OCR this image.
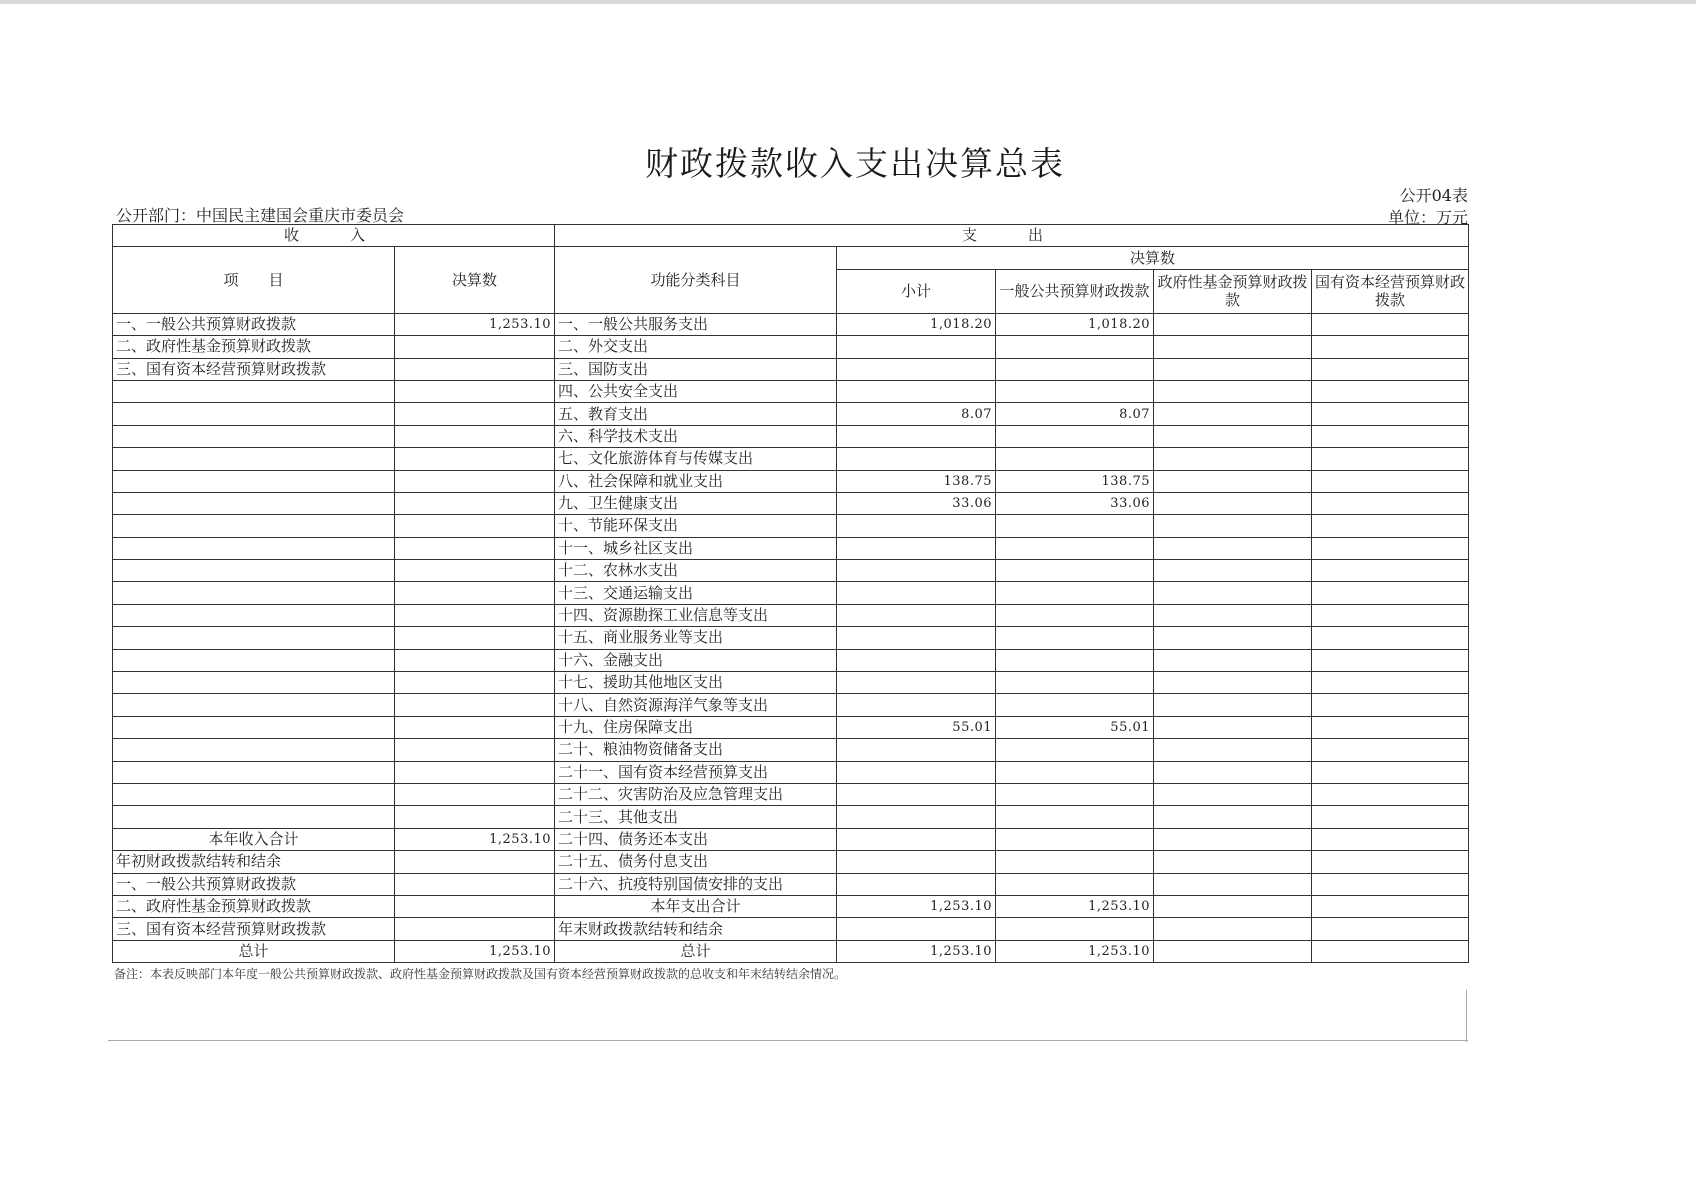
财政拨款收入支出决算总表
公开04表
单位：万元
公开部门：中国民主建国会重庆市委员会
收　入		支　出				
项　　目	决算数	功能分类科目	决算数			
			小计	一般公共预算财政拨款	政府性基金预算财政拨款	国有资本经营预算财政拨款
一、一般公共预算财政拨款	1,253.10	一、一般公共服务支出	1,018.20	1,018.20		
二、政府性基金预算财政拨款		二、外交支出				
三、国有资本经营预算财政拨款		三、国防支出				
		四、公共安全支出				
		五、教育支出	8.07	8.07		
		六、科学技术支出				
		七、文化旅游体育与传媒支出				
		八、社会保障和就业支出	138.75	138.75		
		九、卫生健康支出	33.06	33.06		
		十、节能环保支出				
		十一、城乡社区支出				
		十二、农林水支出				
		十三、交通运输支出				
		十四、资源勘探工业信息等支出				
		十五、商业服务业等支出				
		十六、金融支出				
		十七、援助其他地区支出				
		十八、自然资源海洋气象等支出				
		十九、住房保障支出	55.01	55.01		
		二十、粮油物资储备支出				
		二十一、国有资本经营预算支出				
		二十二、灾害防治及应急管理支出				
		二十三、其他支出				
本年收入合计	1,253.10	二十四、债务还本支出				
年初财政拨款结转和结余		二十五、债务付息支出				
一、一般公共预算财政拨款		二十六、抗疫特别国债安排的支出				
二、政府性基金预算财政拨款		本年支出合计	1,253.10	1,253.10		
三、国有资本经营预算财政拨款		年末财政拨款结转和结余				
总计	1,253.10	总计	1,253.10	1,253.10		
备注：本表反映部门本年度一般公共预算财政拨款、政府性基金预算财政拨款及国有资本经营预算财政拨款的总收支和年末结转结余情况。
